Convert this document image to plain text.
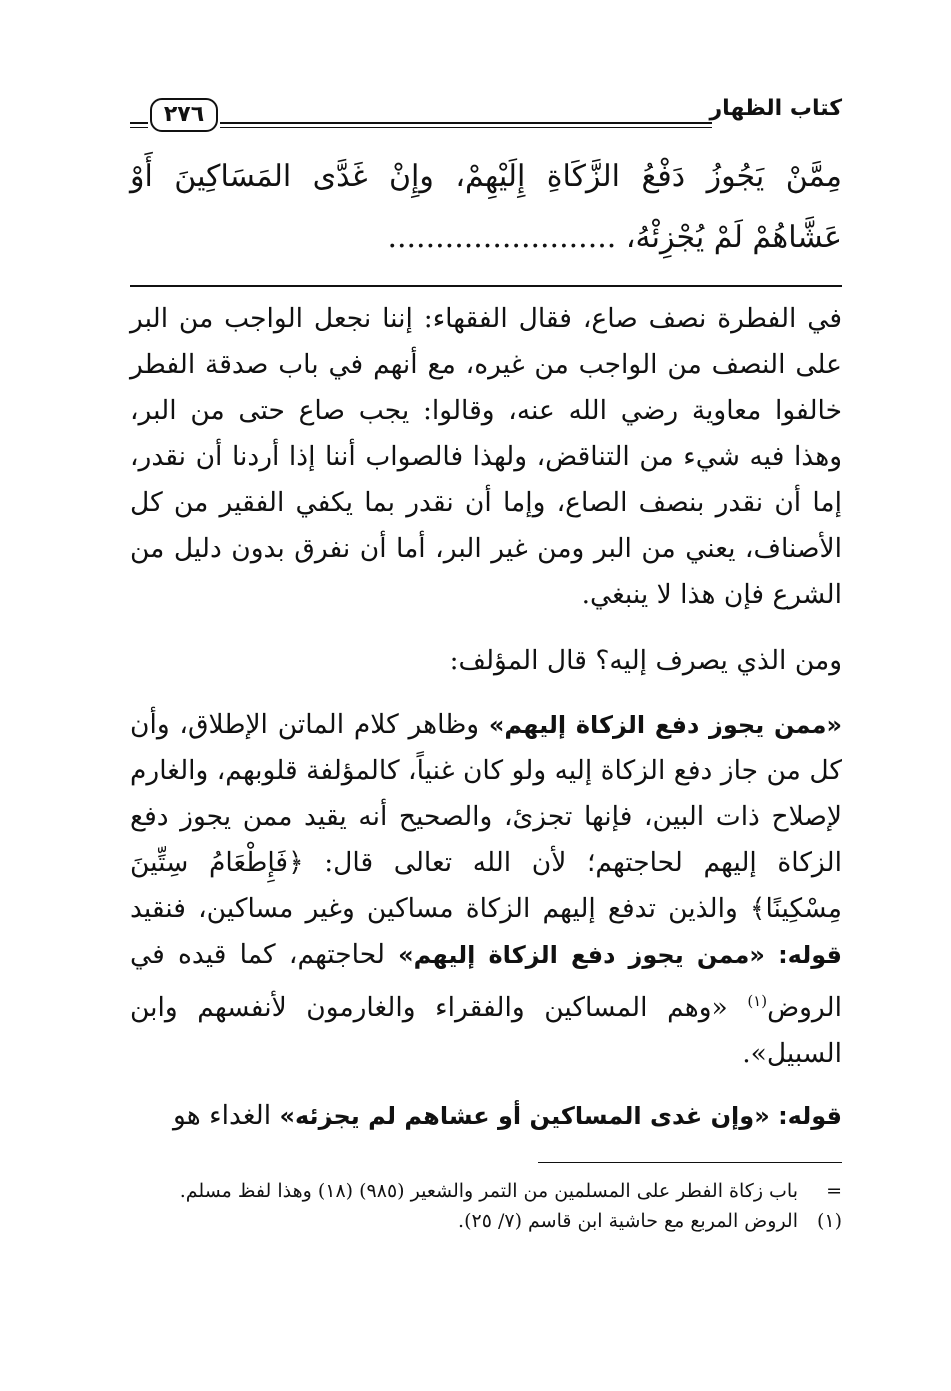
كتاب الظهار
٢٧٦
مِمَّنْ يَجُوزُ دَفْعُ الزَّكَاةِ إِلَيْهِمْ، وإِنْ غَدَّى المَسَاكِينَ أَوْ عَشَّاهُمْ لَمْ يُجْزِئْهُ، ........................

في الفطرة نصف صاع، فقال الفقهاء: إننا نجعل الواجب من البر على النصف من الواجب من غيره، مع أنهم في باب صدقة الفطر خالفوا معاوية رضي الله عنه، وقالوا: يجب صاع حتى من البر، وهذا فيه شيء من التناقض، ولهذا فالصواب أننا إذا أردنا أن نقدر، إما أن نقدر بنصف الصاع، وإما أن نقدر بما يكفي الفقير من كل الأصناف، يعني من البر ومن غير البر، أما أن نفرق بدون دليل من الشرع فإن هذا لا ينبغي.

ومن الذي يصرف إليه؟ قال المؤلف:

«ممن يجوز دفع الزكاة إليهم» وظاهر كلام الماتن الإطلاق، وأن كل من جاز دفع الزكاة إليه ولو كان غنياً، كالمؤلفة قلوبهم، والغارم لإصلاح ذات البين، فإنها تجزئ، والصحيح أنه يقيد ممن يجوز دفع الزكاة إليهم لحاجتهم؛ لأن الله تعالى قال: ﴿فَإِطْعَامُ سِتِّينَ مِسْكِينًا﴾ والذين تدفع إليهم الزكاة مساكين وغير مساكين، فنقيد قوله: «ممن يجوز دفع الزكاة إليهم» لحاجتهم، كما قيده في الروض$^{(١)}$ «وهم المساكين والفقراء والغارمون لأنفسهم وابن السبيل».

قوله: «وإن غدى المساكين أو عشاهم لم يجزئه» الغداء هو

=
باب زكاة الفطر على المسلمين من التمر والشعير (٩٨٥) (١٨) وهذا لفظ مسلم.
(١)
الروض المربع مع حاشية ابن قاسم (٧/ ٢٥).
